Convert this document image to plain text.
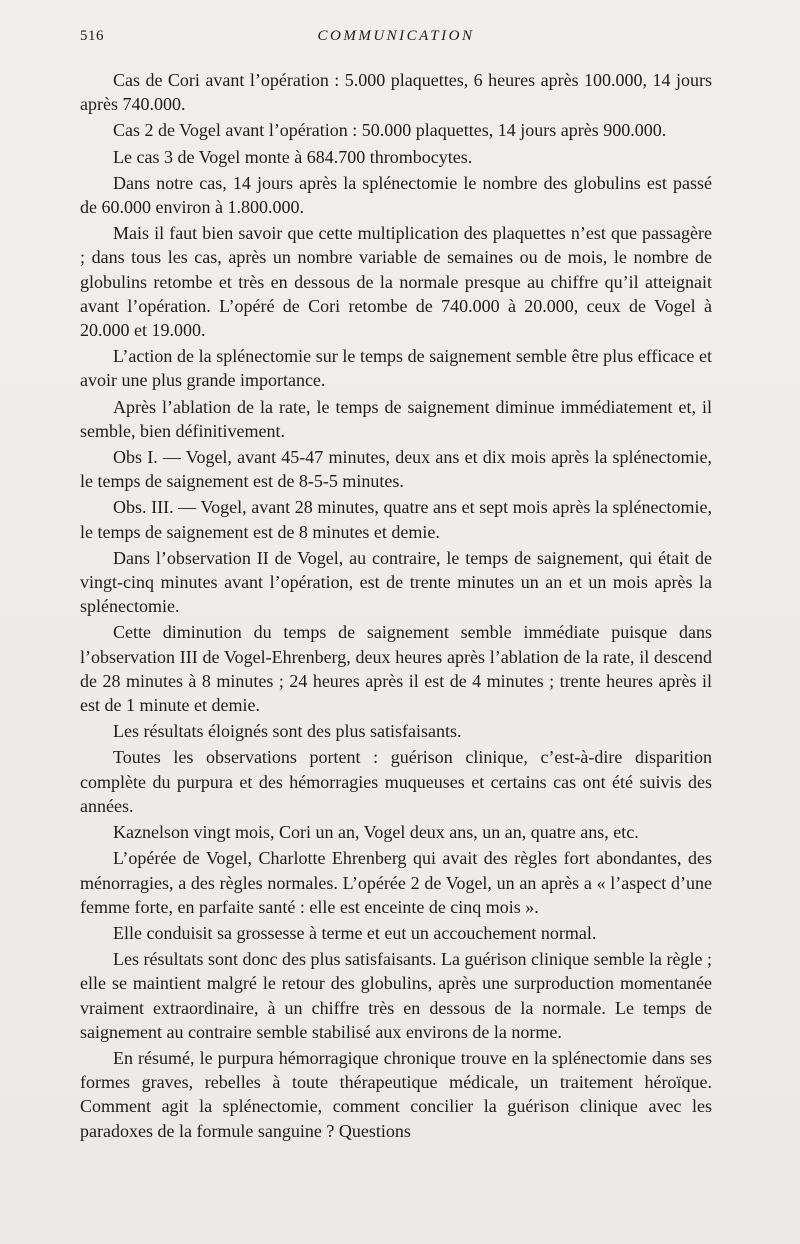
516	COMMUNICATION

Cas de Cori avant l’opération : 5.000 plaquettes, 6 heures après 100.000, 14 jours après 740.000.

Cas 2 de Vogel avant l’opération : 50.000 plaquettes, 14 jours après 900.000.

Le cas 3 de Vogel monte à 684.700 thrombocytes.

Dans notre cas, 14 jours après la splénectomie le nombre des globulins est passé de 60.000 environ à 1.800.000.

Mais il faut bien savoir que cette multiplication des plaquettes n’est que passagère ; dans tous les cas, après un nombre variable de semaines ou de mois, le nombre de globulins retombe et très en dessous de la normale presque au chiffre qu’il atteignait avant l’opération. L’opéré de Cori retombe de 740.000 à 20.000, ceux de Vogel à 20.000 et 19.000.

L’action de la splénectomie sur le temps de saignement semble être plus efficace et avoir une plus grande importance.

Après l’ablation de la rate, le temps de saignement diminue immédiatement et, il semble, bien définitivement.

Obs I. — Vogel, avant 45-47 minutes, deux ans et dix mois après la splénectomie, le temps de saignement est de 8-5-5 minutes.

Obs. III. — Vogel, avant 28 minutes, quatre ans et sept mois après la splénectomie, le temps de saignement est de 8 minutes et demie.

Dans l’observation II de Vogel, au contraire, le temps de saignement, qui était de vingt-cinq minutes avant l’opération, est de trente minutes un an et un mois après la splénectomie.

Cette diminution du temps de saignement semble immédiate puisque dans l’observation III de Vogel-Ehrenberg, deux heures après l’ablation de la rate, il descend de 28 minutes à 8 minutes ; 24 heures après il est de 4 minutes ; trente heures après il est de 1 minute et demie.

Les résultats éloignés sont des plus satisfaisants.

Toutes les observations portent : guérison clinique, c’est-à-dire disparition complète du purpura et des hémorragies muqueuses et certains cas ont été suivis des années.

Kaznelson vingt mois, Cori un an, Vogel deux ans, un an, quatre ans, etc.

L’opérée de Vogel, Charlotte Ehrenberg qui avait des règles fort abondantes, des ménorragies, a des règles normales. L’opérée 2 de Vogel, un an après a « l’aspect d’une femme forte, en parfaite santé : elle est enceinte de cinq mois ».

Elle conduisit sa grossesse à terme et eut un accouchement normal.

Les résultats sont donc des plus satisfaisants. La guérison clinique semble la règle ; elle se maintient malgré le retour des globulins, après une surproduction momentanée vraiment extraordinaire, à un chiffre très en dessous de la normale. Le temps de saignement au contraire semble stabilisé aux environs de la norme.

En résumé, le purpura hémorragique chronique trouve en la splénectomie dans ses formes graves, rebelles à toute thérapeutique médicale, un traitement héroïque. Comment agit la splénectomie, comment concilier la guérison clinique avec les paradoxes de la formule sanguine ? Questions
